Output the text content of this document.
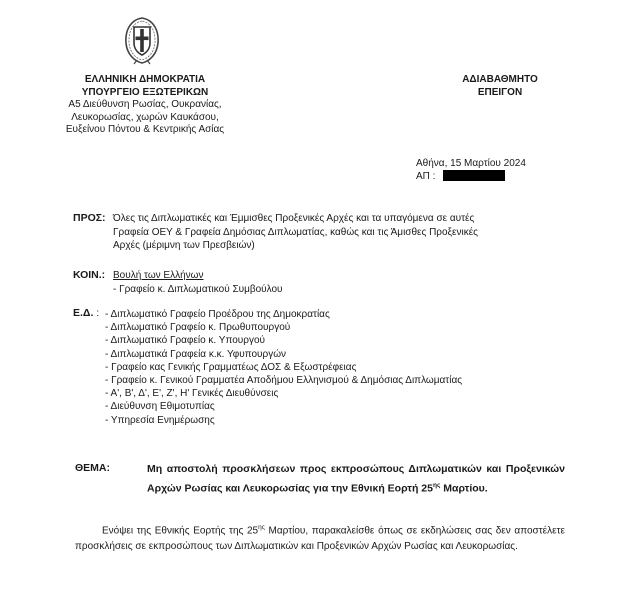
ΕΛΛΗΝΙΚΗ ΔΗΜΟΚΡΑΤΙΑ
ΥΠΟΥΡΓΕΙΟ ΕΞΩΤΕΡΙΚΩΝ
Α5 Διεύθυνση Ρωσίας, Ουκρανίας,
Λευκορωσίας, χωρών Καυκάσου,
Ευξείνου Πόντου & Κεντρικής Ασίας
ΑΔΙΑΒΑΘΜΗΤΟ
ΕΠΕΙΓΟΝ
Αθήνα, 15 Μαρτίου 2024
ΑΠ :
ΠΡΟΣ: Όλες τις Διπλωματικές και Έμμισθες Προξενικές Αρχές και τα υπαγόμενα σε αυτές
Γραφεία ΟΕΥ & Γραφεία Δημόσιας Διπλωματίας, καθώς και τις Άμισθες Προξενικές
Αρχές (μέριμνη των Πρεσβειών)
ΚΟΙΝ.: Βουλή των Ελλήνων
- Γραφείο κ. Διπλωματικού Συμβούλου
Ε.Δ. : - Διπλωματικό Γραφείο Προέδρου της Δημοκρατίας
- Διπλωματικό Γραφείο κ. Πρωθυπουργού
- Διπλωματικό Γραφείο κ. Υπουργού
- Διπλωματικά Γραφεία κ.κ. Υφυπουργών
- Γραφείο κας Γενικής Γραμματέως ΔΟΣ & Εξωστρέφειας
- Γραφείο κ. Γενικού Γραμματέα Αποδήμου Ελληνισμού & Δημόσιας Διπλωματίας
- Α', Β', Δ', Ε', Ζ', Η' Γενικές Διευθύνσεις
- Διεύθυνση Εθιμοτυπίας
- Υπηρεσία Ενημέρωσης
ΘΕΜΑ:	Μη αποστολή προσκλήσεων προς εκπροσώπους Διπλωματικών και Προξενικών Αρχών Ρωσίας και Λευκορωσίας για την Εθνική Εορτή $25^{\eta\varsigma}$ Μαρτίου.
Ενόψει της Εθνικής Εορτής της $25^{\eta\varsigma}$ Μαρτίου, παρακαλείσθε όπως σε εκδηλώσεις σας δεν αποστέλετε προσκλήσεις σε εκπροσώπους των Διπλωματικών και Προξενικών Αρχών Ρωσίας και Λευκορωσίας.
